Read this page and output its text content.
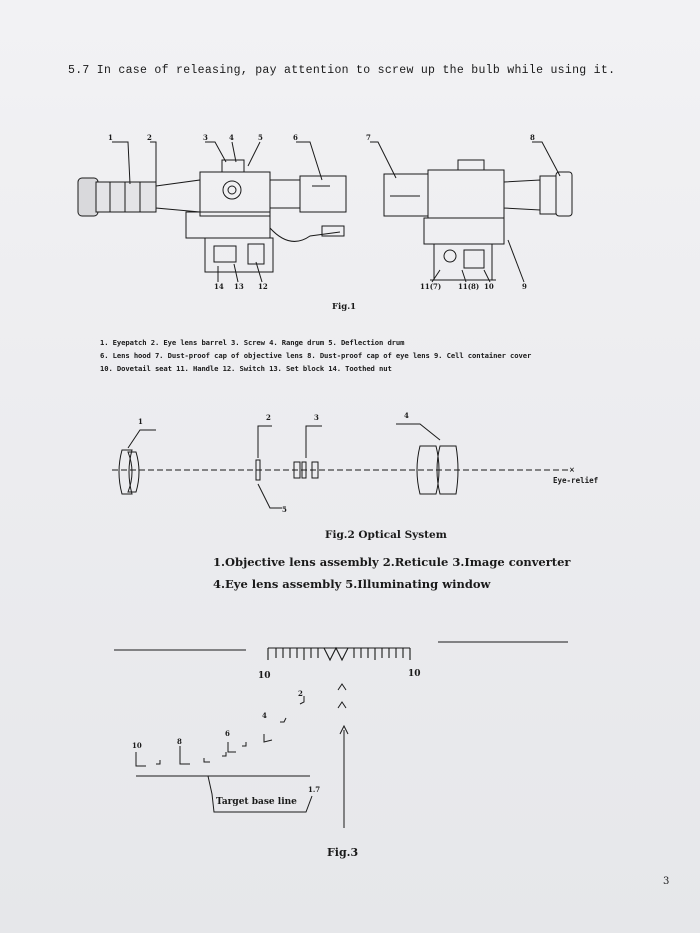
5.7 In case of releasing, pay attention to screw up the bulb while using it.
1	2	3	4	5	6
14 13 12
7	8
9
10
11(7) 11(8)
×
1	2	3	4
5
10	10
10	8
6
4
2
1.7
Target base line
Fig.1
1. Eyepatch 2. Eye lens barrel 3. Screw 4. Range drum 5. Deflection drum
6. Lens hood 7. Dust-proof cap of objective lens 8. Dust-proof cap of eye lens 9. Cell container cover
10. Dovetail seat 11. Handle 12. Switch 13. Set block 14. Toothed nut
Eye-relief
Fig.2 Optical System
1.Objective lens assembly 2.Reticule 3.Image converter
4.Eye lens assembly 5.Illuminating window
Fig.3
3
